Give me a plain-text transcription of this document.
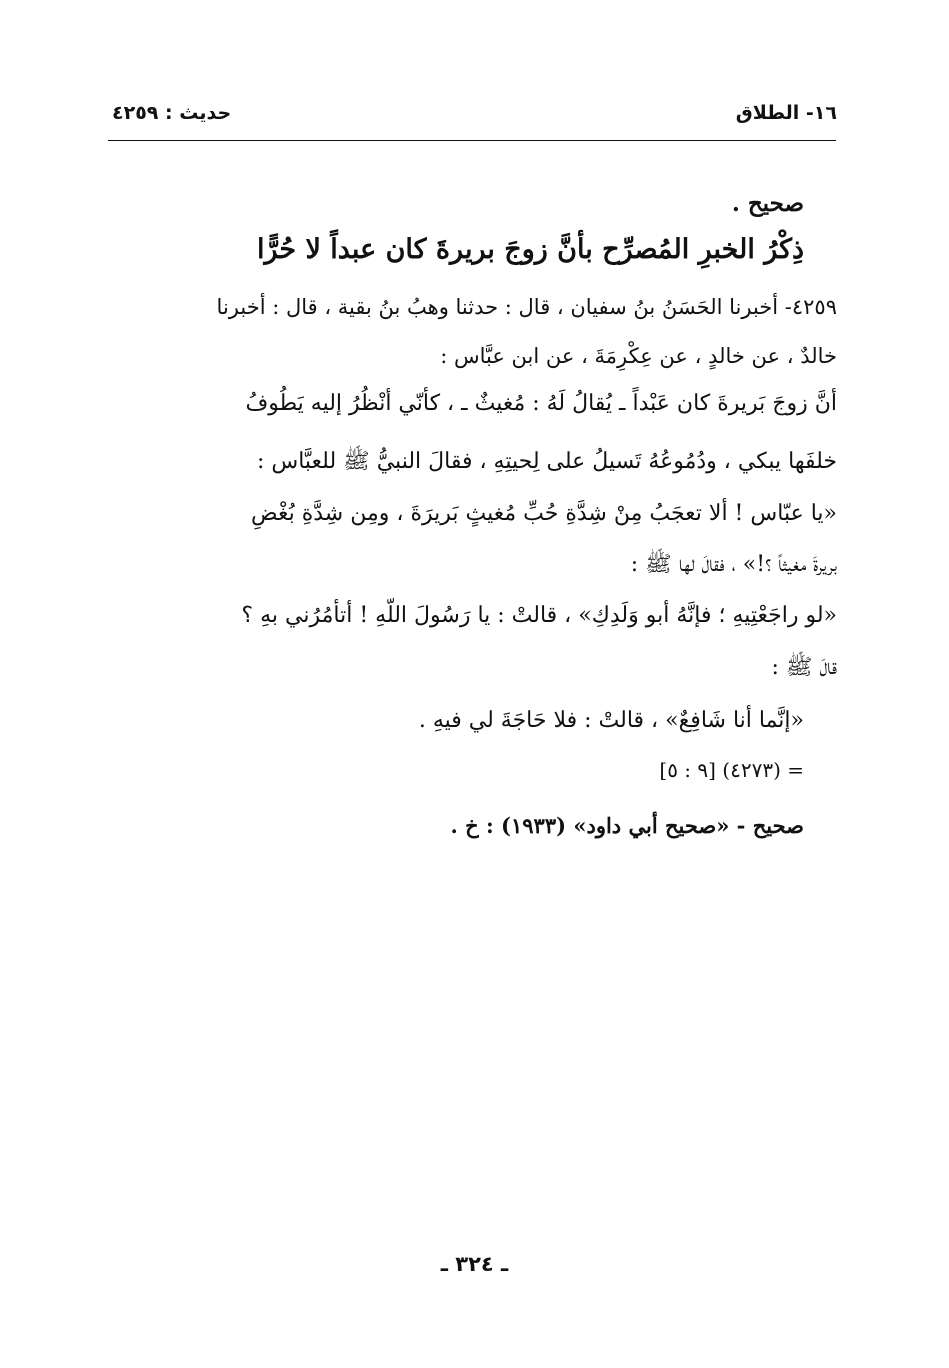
١٦- الطلاق
حديث : ٤٢٥٩
صحيح .
ذِكْرُ الخبرِ المُصرِّح بأنَّ زوجَ بريرةَ كان عبداً لا حُرًّا
٤٢٥٩- أخبرنا الحَسَنُ بنُ سفيان ، قال : حدثنا وهبُ بنُ بقية ، قال : أخبرنا
خالدٌ ، عن خالدٍ ، عن عِكْرِمَةَ ، عن ابن عبَّاس :
أنَّ زوجَ بَريرةَ كان عَبْداً ـ يُقالُ لَهُ : مُغيثٌ ـ ، كأنّي أنْظُرُ إليه يَطُوفُ
خلفَها يبكي ، ودُمُوعُهُ تَسيلُ على لِحيتِهِ ، فقالَ النبيُّ ﷺ للعبَّاس :
«يا عبّاس ! ألا تعجَبُ مِنْ شِدَّةِ حُبِّ مُغيثٍ بَريرَةَ ، ومِن شِدَّةِ بُغْضِ
بريرةَ مغيثاً ؟!» ، فقالَ لها ﷺ :
«لو راجَعْتِيهِ ؛ فإنَّهُ أبو وَلَدِكِ» ، قالتْ : يا رَسُولَ اللّهِ ! أتأمُرُني بهِ ؟
قالَ ﷺ :
«إنَّما أنا شَافِعٌ» ، قالتْ : فلا حَاجَةَ لي فيهِ .
= (٤٢٧٣) [٩ : ٥]
صحيح - «صحيح أبي داود» (١٩٣٣) : خ .
ـ ٣٢٤ ـ
